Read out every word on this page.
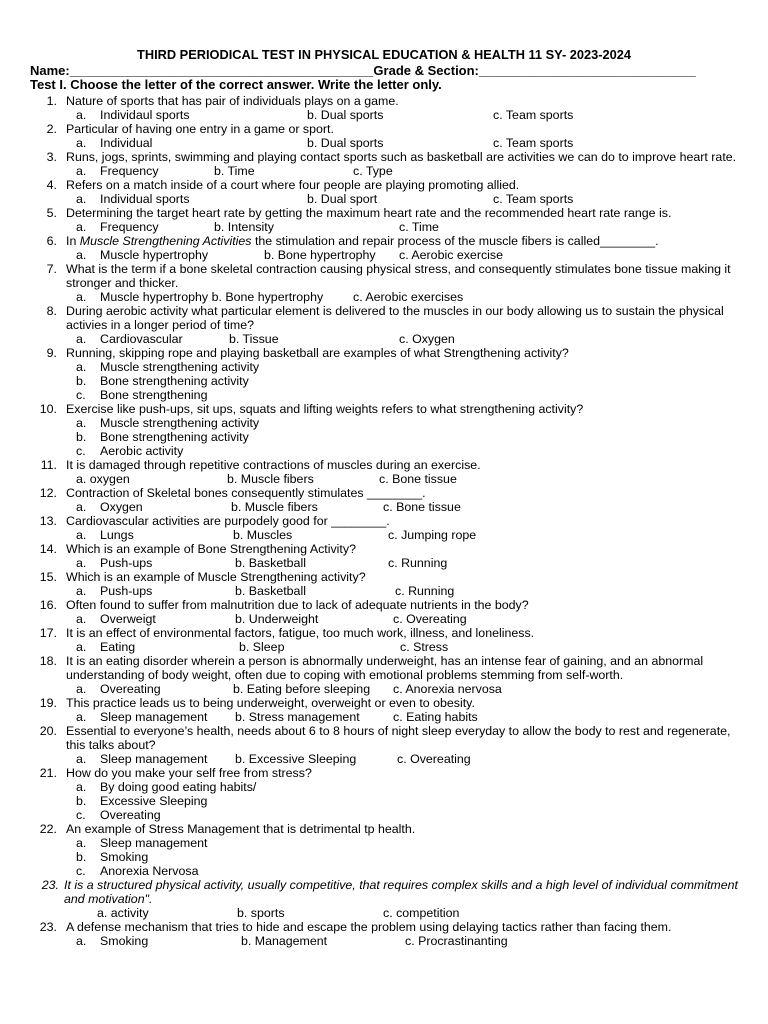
THIRD PERIODICAL TEST IN PHYSICAL EDUCATION & HEALTH 11 SY- 2023-2024
Name:__________________________________________Grade & Section:______________________________
Test I. Choose the letter of the correct answer. Write the letter only.
1. Nature of sports that has pair of individuals plays on a game.
a. Individaul sports	b. Dual sports	c. Team sports
2. Particular of having one entry in a game or sport.
a. Individual	b. Dual sports	c. Team sports
3. Runs, jogs, sprints, swimming and playing contact sports such as basketball are activities we can do to improve heart rate.
a. Frequency	b. Time	c. Type
4. Refers on a match inside of a court where four people are playing promoting allied.
a. Individual sports	b. Dual sport	c. Team sports
5. Determining the target heart rate by getting the maximum heart rate and the recommended heart rate range is.
a. Frequency	b. Intensity	c. Time
6. In Muscle Strengthening Activities the stimulation and repair process of the muscle fibers is called________.
a. Muscle hypertrophy	b. Bone hypertrophy c. Aerobic exercise
7. What is the term if a bone skeletal contraction causing physical stress, and consequently stimulates bone tissue making it stronger and thicker.
a. Muscle hypertrophy b. Bone hypertrophy c. Aerobic exercises
8. During aerobic activity what particular element is delivered to the muscles in our body allowing us to sustain the physical activies in a longer period of time?
a. Cardiovascular	b. Tissue	c. Oxygen
9. Running, skipping rope and playing basketball are examples of what Strengthening activity?
a. Muscle strengthening activity
b. Bone strengthening activity
c. Bone strengthening
10. Exercise like push-ups, sit ups, squats and lifting weights refers to what strengthening activity?
a. Muscle strengthening activity
b. Bone strengthening activity
c. Aerobic activity
11. It is damaged through repetitive contractions of muscles during an exercise.
a. oxygen	b. Muscle fibers	c. Bone tissue
12. Contraction of Skeletal bones consequently stimulates ________.
a. Oxygen	b. Muscle fibers	c. Bone tissue
13. Cardiovascular activities are purpodely good for ________.
a. Lungs	b. Muscles	c. Jumping rope
14. Which is an example of Bone Strengthening Activity?
a. Push-ups	b. Basketball	c. Running
15. Which is an example of Muscle Strengthening activity?
a. Push-ups	b. Basketball	c. Running
16. Often found to suffer from malnutrition due to lack of adequate nutrients in the body?
a. Overweigt	b. Underweight	c. Overeating
17. It is an effect of environmental factors, fatigue, too much work, illness, and loneliness.
a. Eating	b. Sleep	c. Stress
18. It is an eating disorder wherein a person is abnormally underweight, has an intense fear of gaining, and an abnormal understanding of body weight, often due to coping with emotional problems stemming from self-worth.
a. Overeating	b. Eating before sleeping c. Anorexia nervosa
19. This practice leads us to being underweight, overweight or even to obesity.
a. Sleep management b. Stress management	c. Eating habits
20. Essential to everyone’s health, needs about 6 to 8 hours of night sleep everyday to allow the body to rest and regenerate, this talks about?
a. Sleep management b. Excessive Sleeping	c. Overeating
21. How do you make your self free from stress?
a. By doing good eating habits/
b. Excessive Sleeping
c. Overeating
22. An example of Stress Management that is detrimental tp health.
a. Sleep management
b. Smoking
c. Anorexia Nervosa
23. It is a structured physical activity, usually competitive, that requires complex skills and a high level of individual commitment and motivation".
a. activity	b. sports	c. competition
23. A defense mechanism that tries to hide and escape the problem using delaying tactics rather than facing them.
a. Smoking	b. Management	c. Procrastinanting
